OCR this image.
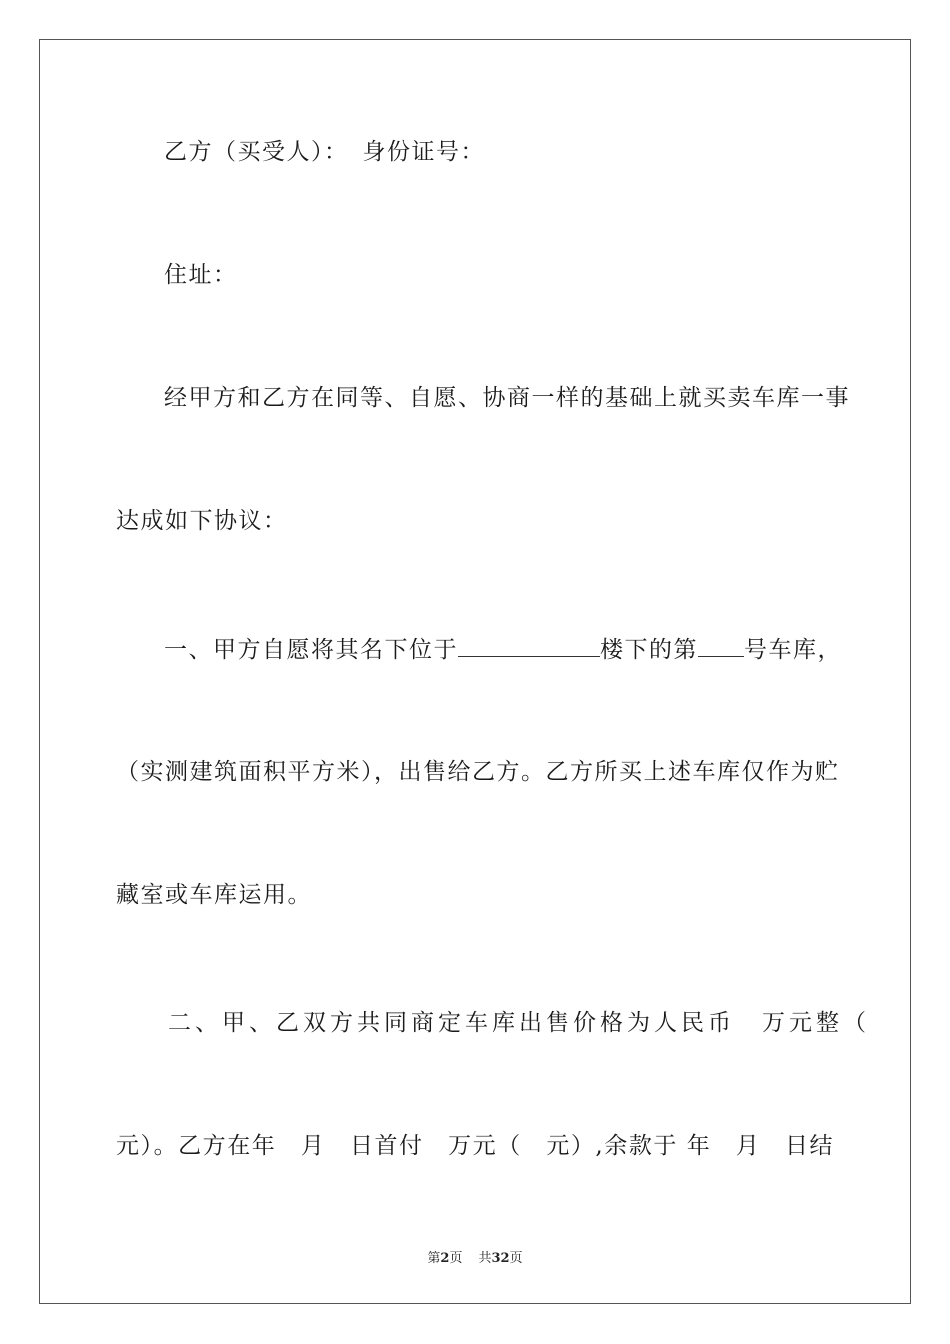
乙方（买受人）： 身份证号：
住址：
经甲方和乙方在同等、自愿、协商一样的基础上就买卖车库一事
达成如下协议：
一、甲方自愿将其名下位于	楼下的第 号车库，
（实测建筑面积平方米），出售给乙方。乙方所买上述车库仅作为贮
藏室或车库运用。
二、甲、乙双方共同商定车库出售价格为人民币　万元整（
元）。乙方在年　月　日首付　万元（　元）,余款于 年　月　日结
第2页 共32页
